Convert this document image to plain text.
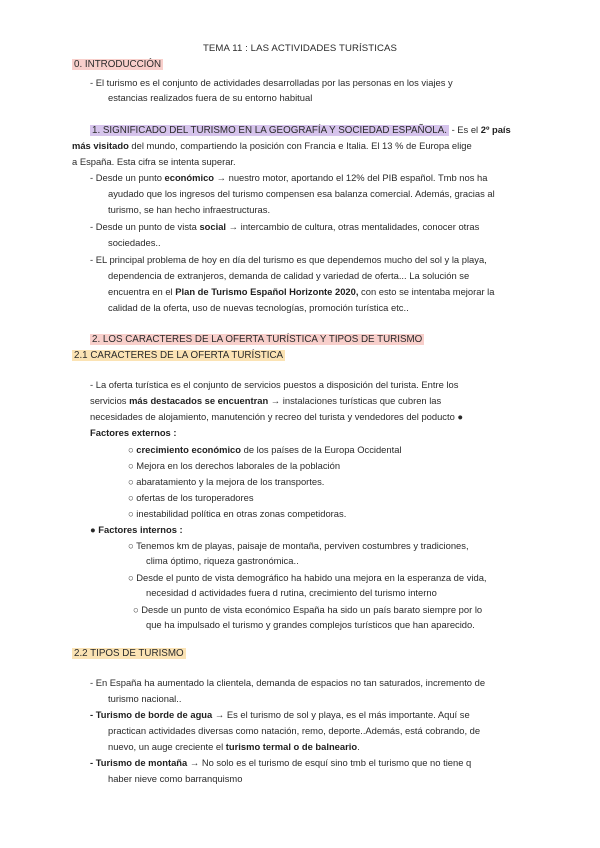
TEMA 11 : LAS ACTIVIDADES TURÍSTICAS
0. INTRODUCCIÓN
- El turismo es el conjunto de actividades desarrolladas por las personas en los viajes y
estancias realizados fuera de su entorno habitual
1. SIGNIFICADO DEL TURISMO EN LA GEOGRAFÍA Y SOCIEDAD ESPAÑOLA. - Es el 2º país
más visitado del mundo, compartiendo la posición con Francia e Italia. El 13 % de Europa elige
a España. Esta cifra se intenta superar.
- Desde un punto económico → nuestro motor, aportando el 12% del PIB español. Tmb nos ha
ayudado que los ingresos del turismo compensen esa balanza comercial. Además, gracias al
turismo, se han hecho infraestructuras.
- Desde un punto de vista social → intercambio de cultura, otras mentalidades, conocer otras
sociedades..
- EL principal problema de hoy en día del turismo es que dependemos mucho del sol y la playa,
dependencia de extranjeros, demanda de calidad y variedad de oferta... La solución se
encuentra en el Plan de Turismo Español Horizonte 2020, con esto se intentaba mejorar la
calidad de la oferta, uso de nuevas tecnologías, promoción turística etc..
2. LOS CARACTERES DE LA OFERTA TURÍSTICA Y TIPOS DE TURISMO
2.1 CARACTERES DE LA OFERTA TURÍSTICA
- La oferta turística es el conjunto de servicios puestos a disposición del turista. Entre los
servicios más destacados se encuentran → instalaciones turísticas que cubren las
necesidades de alojamiento, manutención y recreo del turista y vendedores del poducto ●
Factores externos :
○ crecimiento económico de los países de la Europa Occidental
○ Mejora en los derechos laborales de la población
○ abaratamiento y la mejora de los transportes.
○ ofertas de los turoperadores
○ inestabilidad política en otras zonas competidoras.
● Factores internos :
○ Tenemos km de playas, paisaje de montaña, perviven costumbres y tradiciones,
clima óptimo, riqueza gastronómica..
○ Desde el punto de vista demográfico ha habido una mejora en la esperanza de vida,
necesidad d actividades fuera d rutina, crecimiento del turismo interno
○ Desde un punto de vista económico España ha sido un país barato siempre por lo
que ha impulsado el turismo y grandes complejos turísticos que han aparecido.
2.2 TIPOS DE TURISMO
- En España ha aumentado la clientela, demanda de espacios no tan saturados, incremento de
turismo nacional..
- Turismo de borde de agua → Es el turismo de sol y playa, es el más importante. Aquí se
practican actividades diversas como natación, remo, deporte..Además, está cobrando, de
nuevo, un auge creciente el turismo termal o de balneario.
- Turismo de montaña → No solo es el turismo de esquí sino tmb el turismo que no tiene q
haber nieve como barranquismo
